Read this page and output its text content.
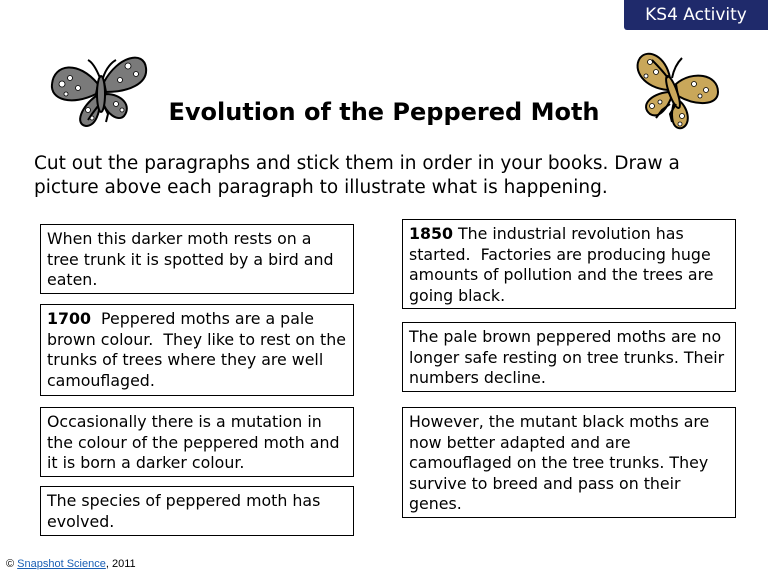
KS4 Activity
Evolution of the Peppered Moth
Cut out the paragraphs and stick them in order in your books. Draw a picture above each paragraph to illustrate what is happening.
When this darker moth rests on a tree trunk it is spotted by a bird and eaten.
1700  Peppered moths are a pale brown colour.  They like to rest on the trunks of trees where they are well camouflaged.
Occasionally there is a mutation in the colour of the peppered moth and it is born a darker colour.
The species of peppered moth has evolved.
1850 The industrial revolution has started.  Factories are producing huge amounts of pollution and the trees are going black.
The pale brown peppered moths are no longer safe resting on tree trunks. Their numbers decline.
However, the mutant black moths are now better adapted and are camouflaged on the tree trunks. They survive to breed and pass on their genes.
© Snapshot Science, 2011
